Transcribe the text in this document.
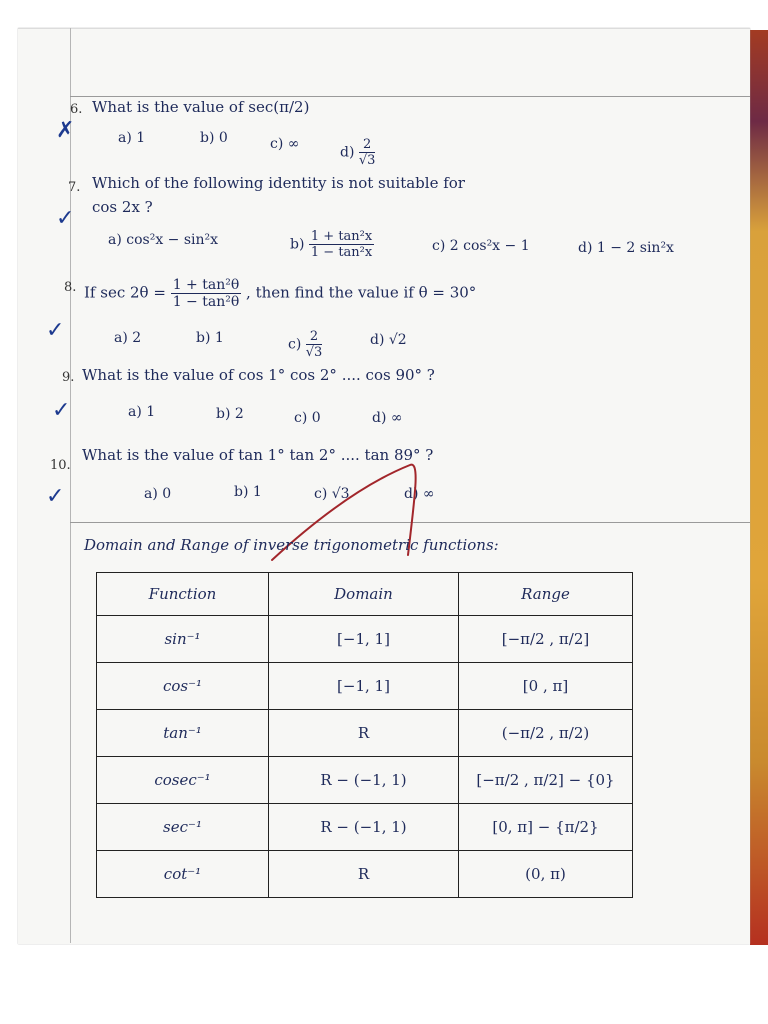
6.
✗
What is the value of sec(π/2)
a) 1	b) 0	c) ∞
$d) \frac{2}{√3}$
7.
✓
Which of the following identity is not suitable for
cos 2x ?
a) cos²x − sin²x	$b) \frac{\text{1 + tan²x}}{\text{1 − tan²x}}$	c) 2 cos²x − 1	d) 1 − 2 sin²x
8.
✓
If $\sec 2\theta = \frac{\text{1 + tan²θ}}{\text{1 − tan²θ}}$ , then find the value if θ = 30°
a) 2	b) 1	$c) \frac{2}{√3}$	d) √2
9.
✓
What is the value of cos 1° cos 2° .... cos 90° ?
a) 1	b) 2	c) 0	d) ∞
10.
✓
What is the value of tan 1° tan 2° .... tan 89° ?
a) 0	b) 1	c) √3	d) ∞
Domain and Range of inverse trigonometric functions:
Function	Domain	Range
sin⁻¹	[−1, 1]	[−π/2 , π/2]
cos⁻¹	[−1, 1]	[0 , π]
tan⁻¹	R	(−π/2 , π/2)
cosec⁻¹	R − (−1, 1)	[−π/2 , π/2] − {0}
sec⁻¹	R − (−1, 1)	[0, π] − {π/2}
cot⁻¹	R	(0, π)
